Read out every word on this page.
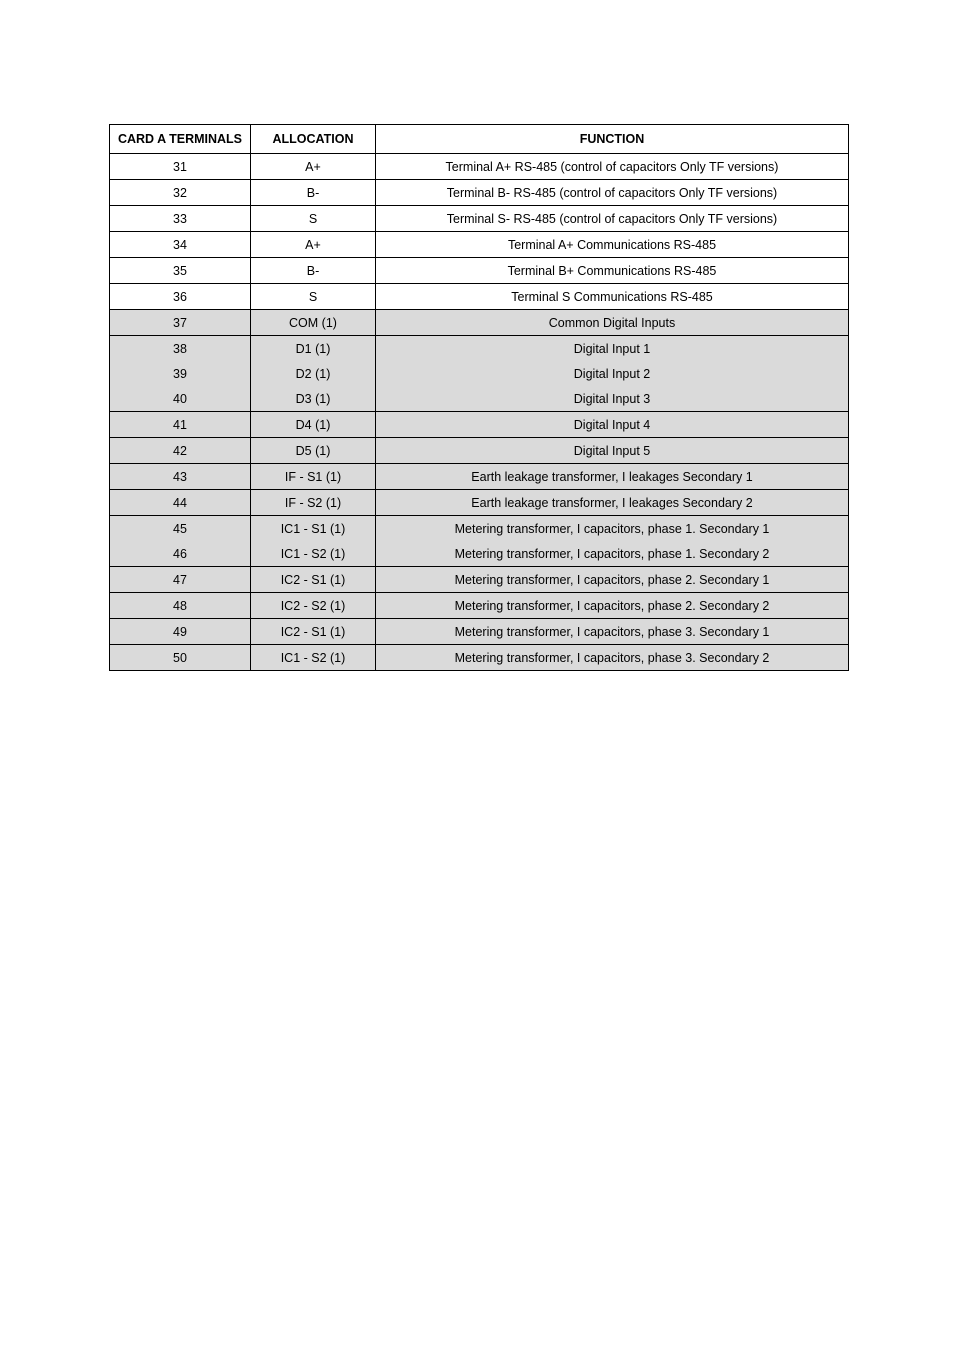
CARD A TERMINALS	ALLOCATION	FUNCTION
31	A+	Terminal A+ RS-485 (control of capacitors Only TF versions)
32	B-	Terminal B- RS-485 (control of capacitors Only TF versions)
33	S	Terminal S- RS-485 (control of capacitors Only TF versions)
34	A+	Terminal A+ Communications RS-485
35	B-	Terminal B+ Communications RS-485
36	S	Terminal S Communications RS-485
37	COM (1)	Common Digital Inputs
38	D1 (1)	Digital Input 1
39	D2 (1)	Digital Input 2
40	D3 (1)	Digital Input 3
41	D4 (1)	Digital Input 4
42	D5 (1)	Digital Input 5
43	IF - S1 (1)	Earth leakage transformer, I leakages Secondary 1
44	IF - S2 (1)	Earth leakage transformer, I leakages Secondary 2
45	IC1 - S1 (1)	Metering transformer, I capacitors, phase 1. Secondary 1
46	IC1 - S2 (1)	Metering transformer, I capacitors, phase 1. Secondary 2
47	IC2 - S1 (1)	Metering transformer, I capacitors, phase 2. Secondary 1
48	IC2 - S2 (1)	Metering transformer, I capacitors, phase 2. Secondary 2
49	IC2 - S1 (1)	Metering transformer, I capacitors, phase 3. Secondary 1
50	IC1 - S2 (1)	Metering transformer, I capacitors, phase 3. Secondary 2
